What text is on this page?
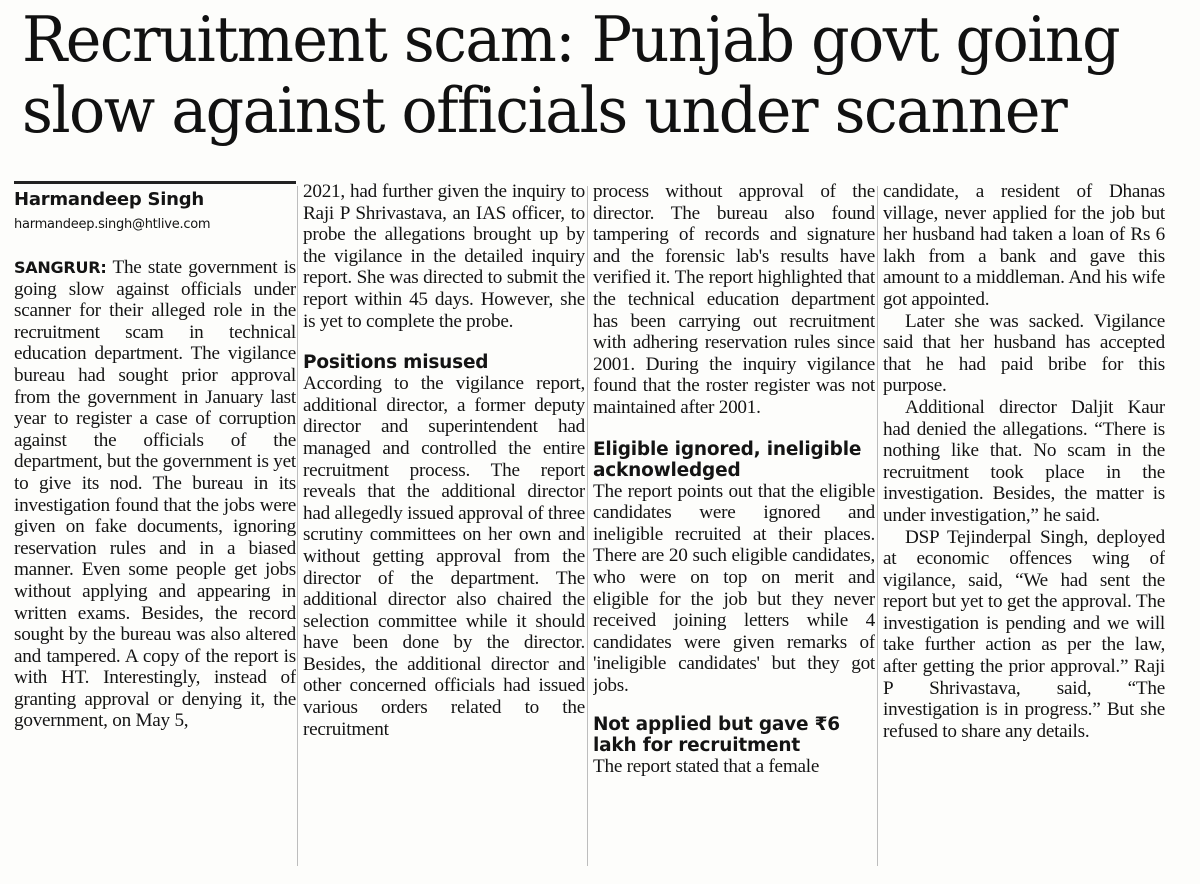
Recruitment scam: Punjab govt going slow against officials under scanner
Harmandeep Singh
harmandeep.singh@htlive.com

SANGRUR: The state government is going slow against officials under scanner for their alleged role in the recruitment scam in technical education department. The vigilance bureau had sought prior approval from the government in January last year to register a case of corruption against the officials of the department, but the government is yet to give its nod. The bureau in its investigation found that the jobs were given on fake documents, ignoring reservation rules and in a biased manner. Even some people get jobs without applying and appearing in written exams. Besides, the record sought by the bureau was also altered and tampered. A copy of the report is with HT. Interestingly, instead of granting approval or denying it, the government, on May 5,

2021, had further given the inquiry to Raji P Shrivastava, an IAS officer, to probe the allegations brought up by the vigilance in the detailed inquiry report. She was directed to submit the report within 45 days. However, she is yet to complete the probe.

Positions misused

According to the vigilance report, additional director, a former deputy director and superintendent had managed and controlled the entire recruitment process. The report reveals that the additional director had allegedly issued approval of three scrutiny committees on her own and without getting approval from the director of the department. The additional director also chaired the selection committee while it should have been done by the director. Besides, the additional director and other concerned officials had issued various orders related to the recruitment

process without approval of the director. The bureau also found tampering of records and signature and the forensic lab's results have verified it. The report highlighted that the technical education department has been carrying out recruitment with adhering reservation rules since 2001. During the inquiry vigilance found that the roster register was not maintained after 2001.

Eligible ignored, ineligible acknowledged

The report points out that the eligible candidates were ignored and ineligible recruited at their places. There are 20 such eligible candidates, who were on top on merit and eligible for the job but they never received joining letters while 4 candidates were given remarks of 'ineligible candidates' but they got jobs.

Not applied but gave ₹6 lakh for recruitment

The report stated that a female

candidate, a resident of Dhanas village, never applied for the job but her husband had taken a loan of Rs 6 lakh from a bank and gave this amount to a middleman. And his wife got appointed.

Later she was sacked. Vigilance said that her husband has accepted that he had paid bribe for this purpose.

Additional director Daljit Kaur had denied the allegations. “There is nothing like that. No scam in the recruitment took place in the investigation. Besides, the matter is under investigation,” he said.

DSP Tejinderpal Singh, deployed at economic offences wing of vigilance, said, “We had sent the report but yet to get the approval. The investigation is pending and we will take further action as per the law, after getting the prior approval.” Raji P Shrivastava, said, “The investigation is in progress.” But she refused to share any details.
